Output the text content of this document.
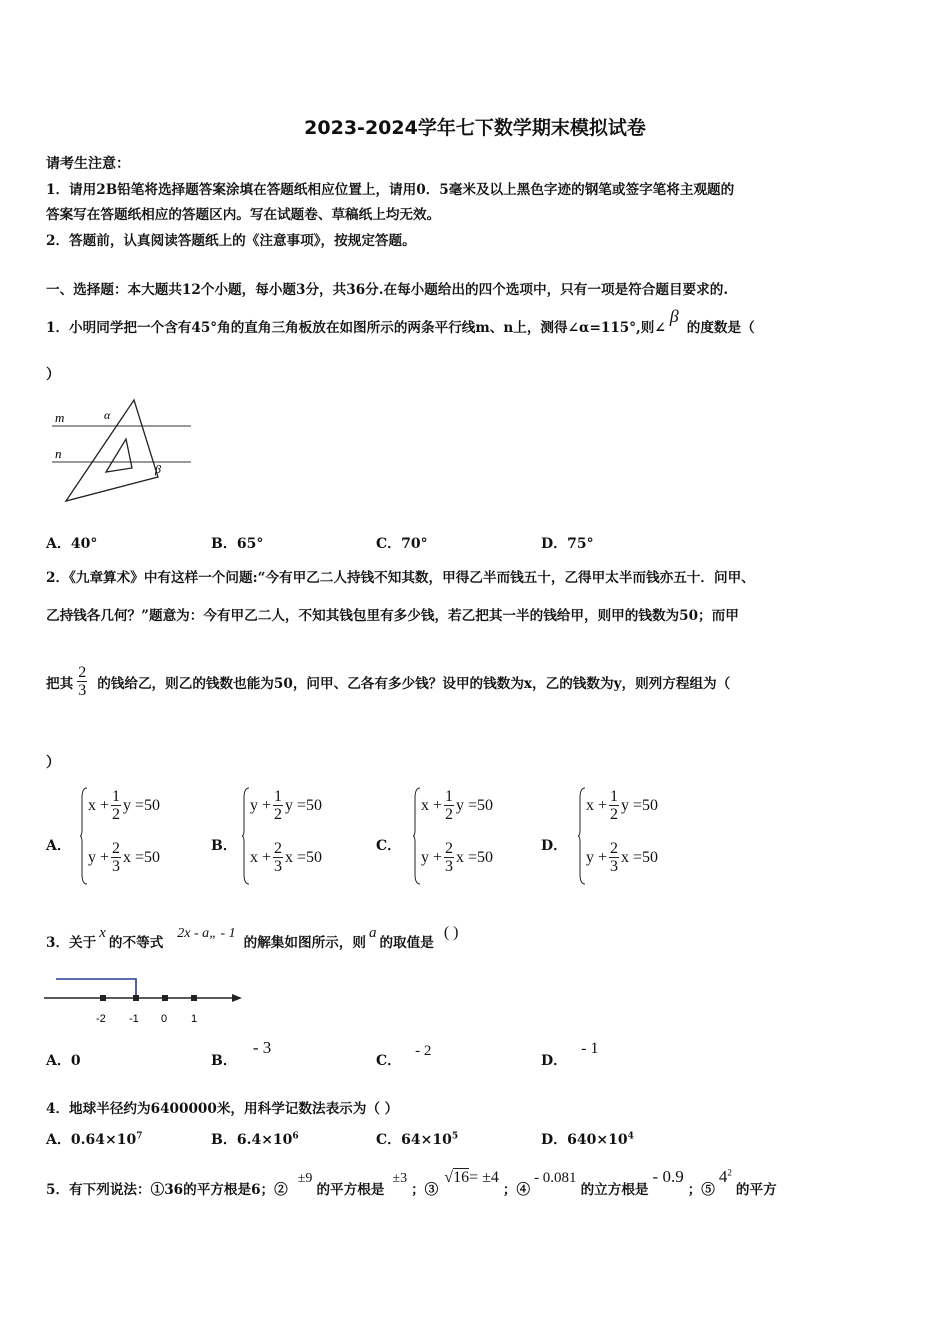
2023-2024学年七下数学期末模拟试卷
请考生注意：
1．请用2B铅笔将选择题答案涂填在答题纸相应位置上，请用0．5毫米及以上黑色字迹的钢笔或签字笔将主观题的
答案写在答题纸相应的答题区内。写在试题卷、草稿纸上均无效。
2．答题前，认真阅读答题纸上的《注意事项》，按规定答题。
一、选择题：本大题共12个小题，每小题3分，共36分.在每小题给出的四个选项中，只有一项是符合题目要求的.
1．小明同学把一个含有45°角的直角三角板放在如图所示的两条平行线m、n上，测得∠α=115°,则∠β的度数是（
）
m
n
α
β
A．40°	B．65°	C．70°	D．75°
2．《九章算术》中有这样一个问题:“今有甲乙二人持钱不知其数，甲得乙半而钱五十，乙得甲太半而钱亦五十．问甲、
乙持钱各几何？”题意为：今有甲乙二人，不知其钱包里有多少钱，若乙把其一半的钱给甲，则甲的钱数为50；而甲
把其 $\frac{2}{3}$ 的钱给乙，则乙的钱数也能为50，问甲、乙各有多少钱？设甲的钱数为x，乙的钱数为y，则列方程组为（
）
A．
$x + \frac{1}{2}$ y =50
$y + \frac{2}{3}$ x =50
B．
$y + \frac{1}{2}$ y =50
$x + \frac{2}{3}$ x =50
C．
$x + \frac{1}{2}$ y =50
$y + \frac{2}{3}$ x =50
D．
$x + \frac{1}{2}$ y =50
$y + \frac{2}{3}$ x =50
3．关于x的不等式2x - a„ - 1的解集如图所示，则a的取值是( )
-2 -1 0 1
A．0	B．- 3
C．- 2
D．- 1
4．地球半径约为6400000米，用科学记数法表示为（ ）
A．$0.64\times 10^7$	B．$6.4\times 10^6$	C．$64\times 10^5$	D．$640\times 10^4$
5．有下列说法：①36的平方根是6；②±9的平方根是±3；③√16= ±4；④- 0.081的立方根是- 0.9；$⑤4^2$的平方
